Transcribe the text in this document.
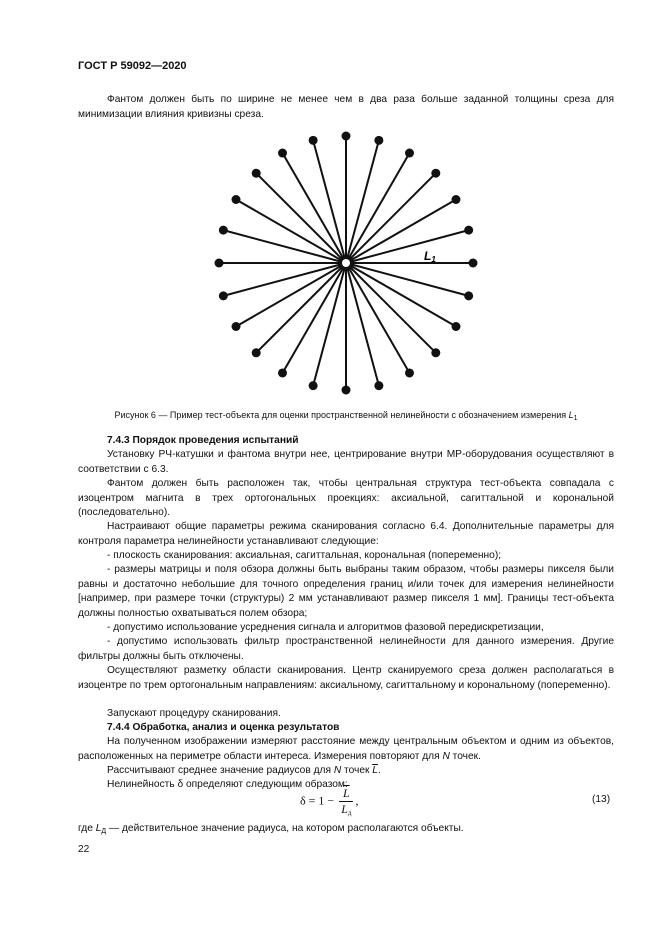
ГОСТ Р 59092—2020
Фантом должен быть по ширине не менее чем в два раза больше заданной толщины среза для минимизации влияния кривизны среза.
L1
Рисунок 6 — Пример тест-объекта для оценки пространственной нелинейности с обозначением измерения $L_1$
7.4.3 Порядок проведения испытаний
Установку РЧ-катушки и фантома внутри нее, центрирование внутри МР-оборудования осуществляют в соответствии с 6.3.
Фантом должен быть расположен так, чтобы центральная структура тест-объекта совпадала с изоцентром магнита в трех ортогональных проекциях: аксиальной, сагиттальной и корональной (последовательно).
Настраивают общие параметры режима сканирования согласно 6.4. Дополнительные параметры для контроля параметра нелинейности устанавливают следующие:
- плоскость сканирования: аксиальная, сагиттальная, корональная (попеременно);
- размеры матрицы и поля обзора должны быть выбраны таким образом, чтобы размеры пикселя были равны и достаточно небольшие для точного определения границ и/или точек для измерения нелинейности [например, при размере точки (структуры) 2 мм устанавливают размер пикселя 1 мм]. Границы тест-объекта должны полностью охватываться полем обзора;
- допустимо использование усреднения сигнала и алгоритмов фазовой передискретизации,
- допустимо использовать фильтр пространственной нелинейности для данного измерения. Другие фильтры должны быть отключены.
Осуществляют разметку области сканирования. Центр сканируемого среза должен располагаться в изоцентре по трем ортогональным направлениям: аксиальному, сагиттальному и корональному (попеременно).
Запускают процедуру сканирования.
7.4.4 Обработка, анализ и оценка результатов
На полученном изображении измеряют расстояние между центральным объектом и одним из объектов, расположенных на периметре области интереса. Измерения повторяют для N точек.
Рассчитывают среднее значение радиусов для N точек $\overline{L}$.
Нелинейность δ определяют следующим образом:
$\delta = 1 - \frac{\overline{L}}{L_д}$ ,	(13)
где $L_Д$ — действительное значение радиуса, на котором располагаются объекты.
22
